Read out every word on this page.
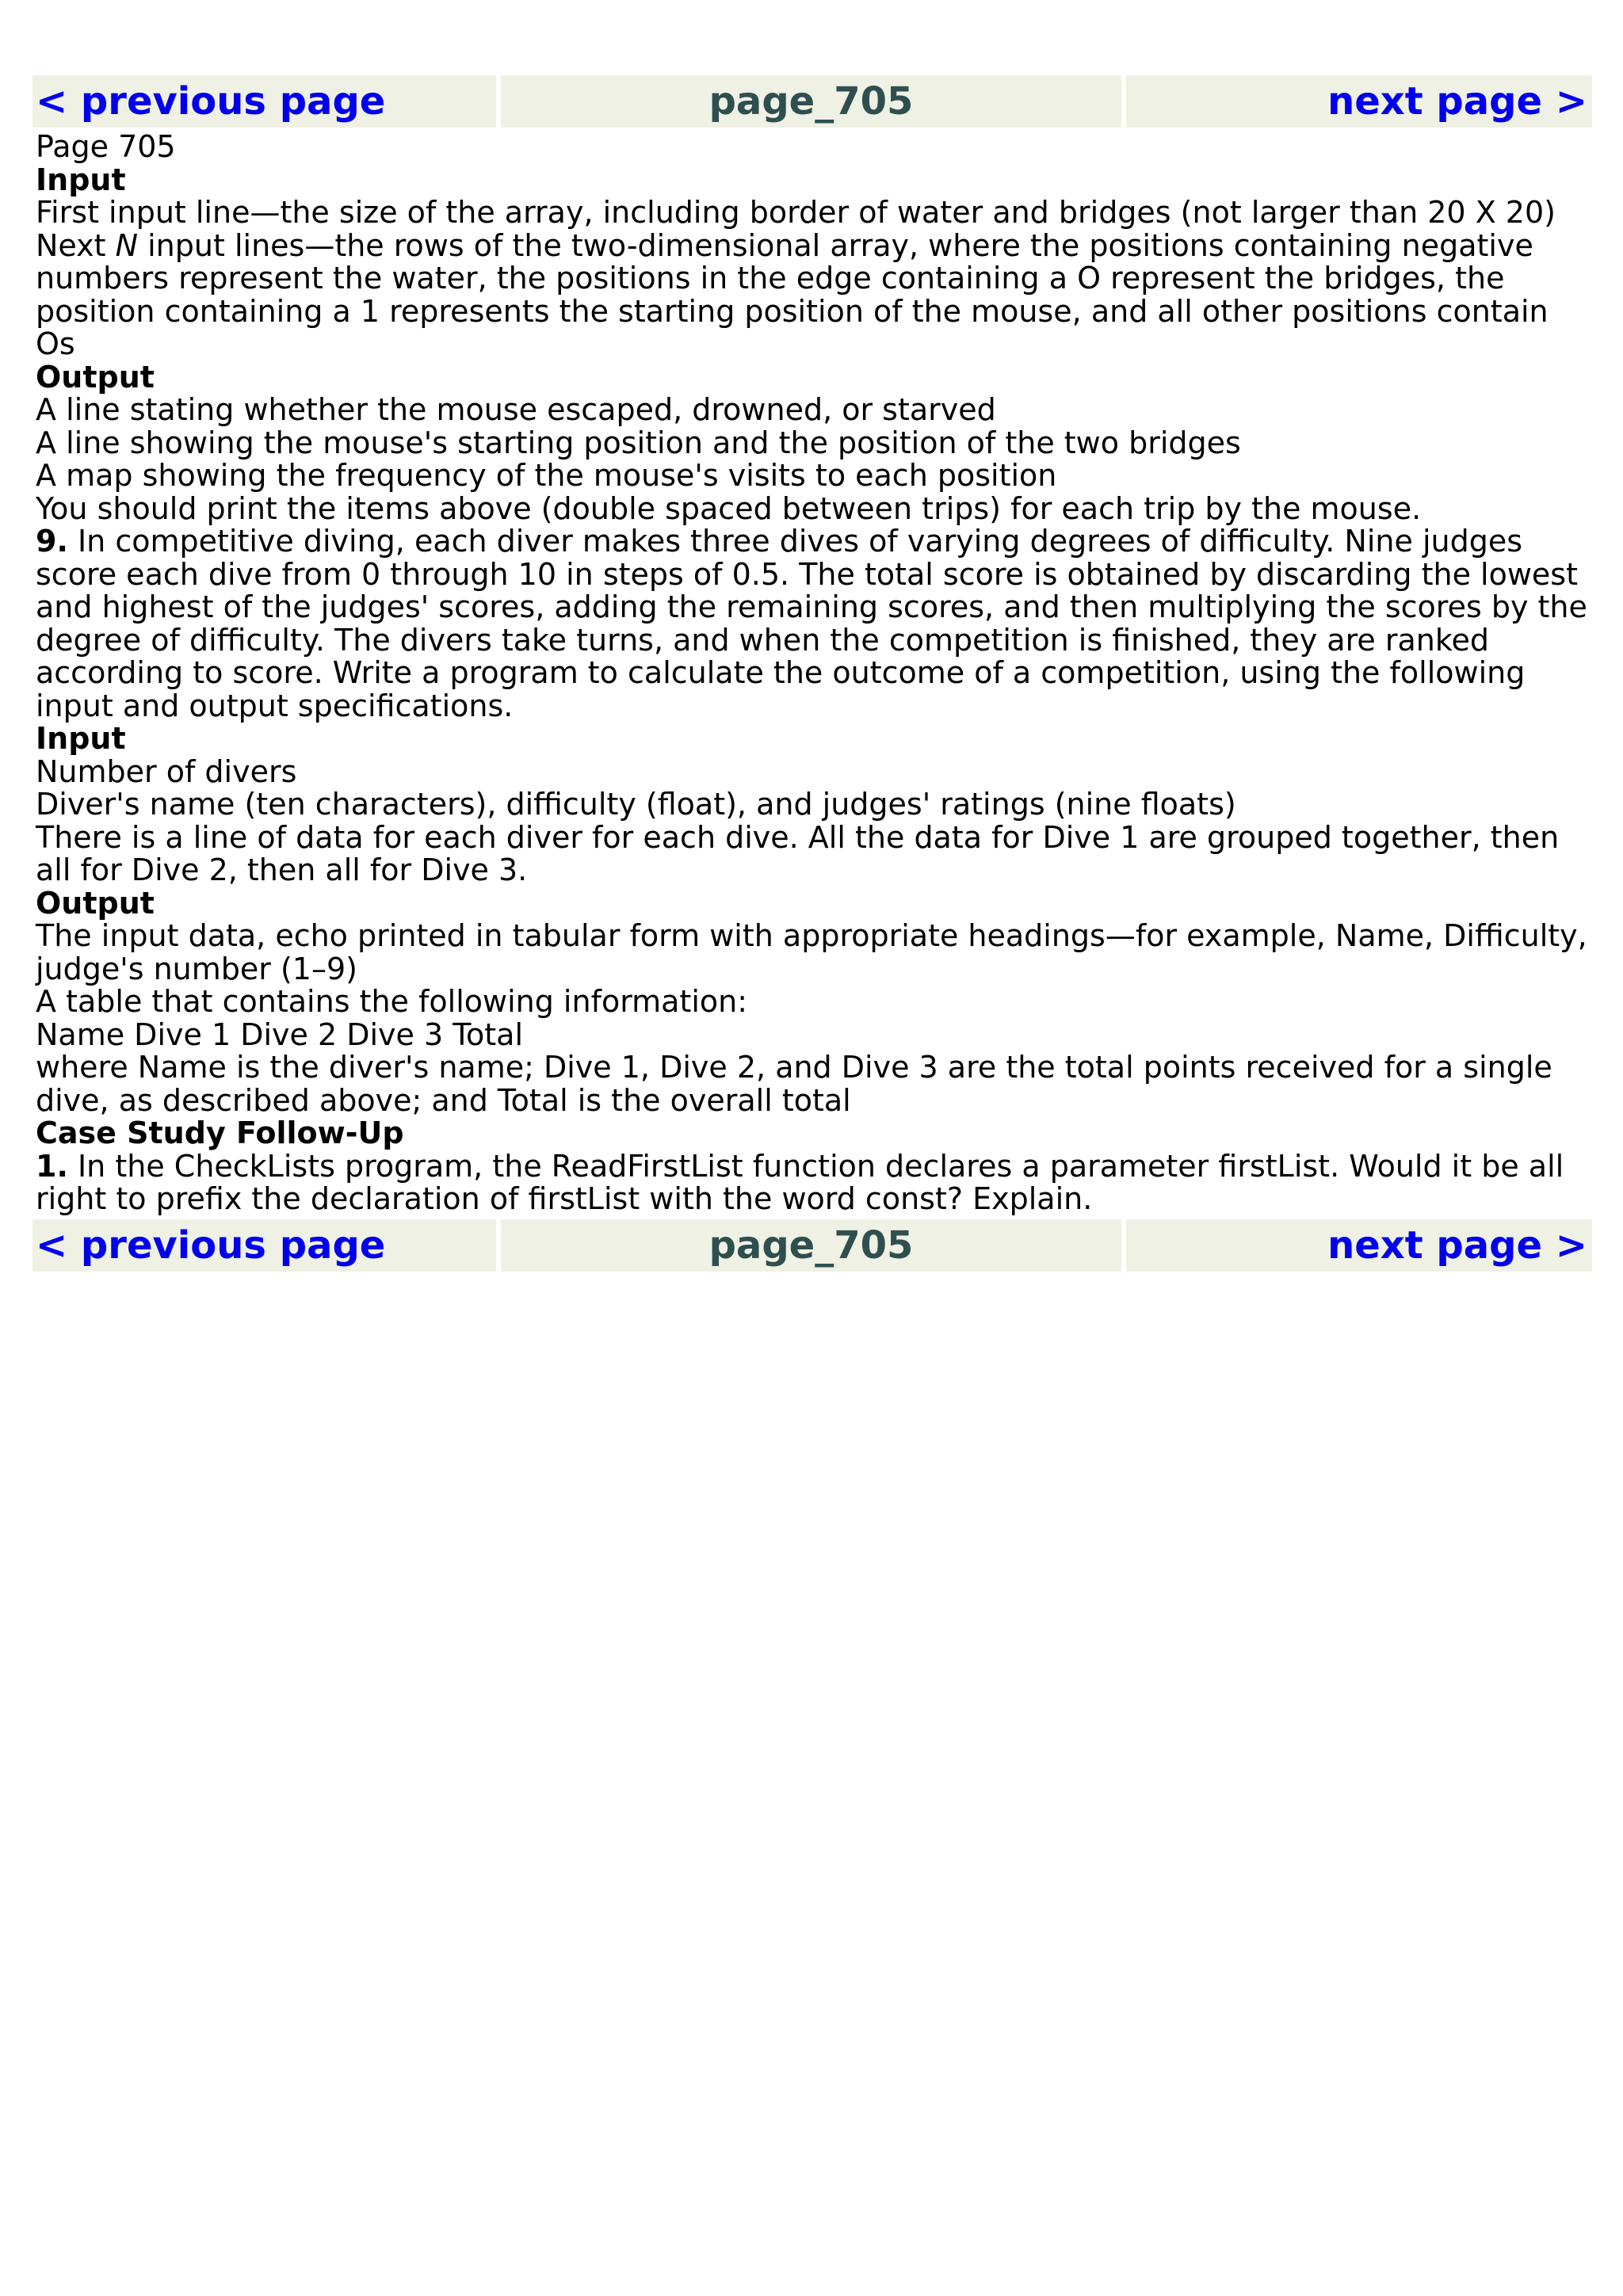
< previous page	page_705	next page >

Page 705

Input

First input line—the size of the array, including border of water and bridges (not larger than 20 X 20)

Next N input lines—the rows of the two-dimensional array, where the positions containing negative numbers represent the water, the positions in the edge containing a O represent the bridges, the position containing a 1 represents the starting position of the mouse, and all other positions contain Os

Output

A line stating whether the mouse escaped, drowned, or starved

A line showing the mouse's starting position and the position of the two bridges

A map showing the frequency of the mouse's visits to each position

You should print the items above (double spaced between trips) for each trip by the mouse.

9. In competitive diving, each diver makes three dives of varying degrees of difficulty. Nine judges score each dive from 0 through 10 in steps of 0.5. The total score is obtained by discarding the lowest and highest of the judges' scores, adding the remaining scores, and then multiplying the scores by the degree of difficulty. The divers take turns, and when the competition is finished, they are ranked according to score. Write a program to calculate the outcome of a competition, using the following input and output specifications.

Input

Number of divers

Diver's name (ten characters), difficulty (float), and judges' ratings (nine floats)

There is a line of data for each diver for each dive. All the data for Dive 1 are grouped together, then all for Dive 2, then all for Dive 3.

Output

The input data, echo printed in tabular form with appropriate headings—for example, Name, Difficulty, judge's number (1–9)

A table that contains the following information:

Name Dive 1 Dive 2 Dive 3 Total

where Name is the diver's name; Dive 1, Dive 2, and Dive 3 are the total points received for a single dive, as described above; and Total is the overall total

Case Study Follow-Up

1. In the CheckLists program, the ReadFirstList function declares a parameter firstList. Would it be all right to prefix the declaration of firstList with the word const? Explain.

< previous page	page_705	next page >
